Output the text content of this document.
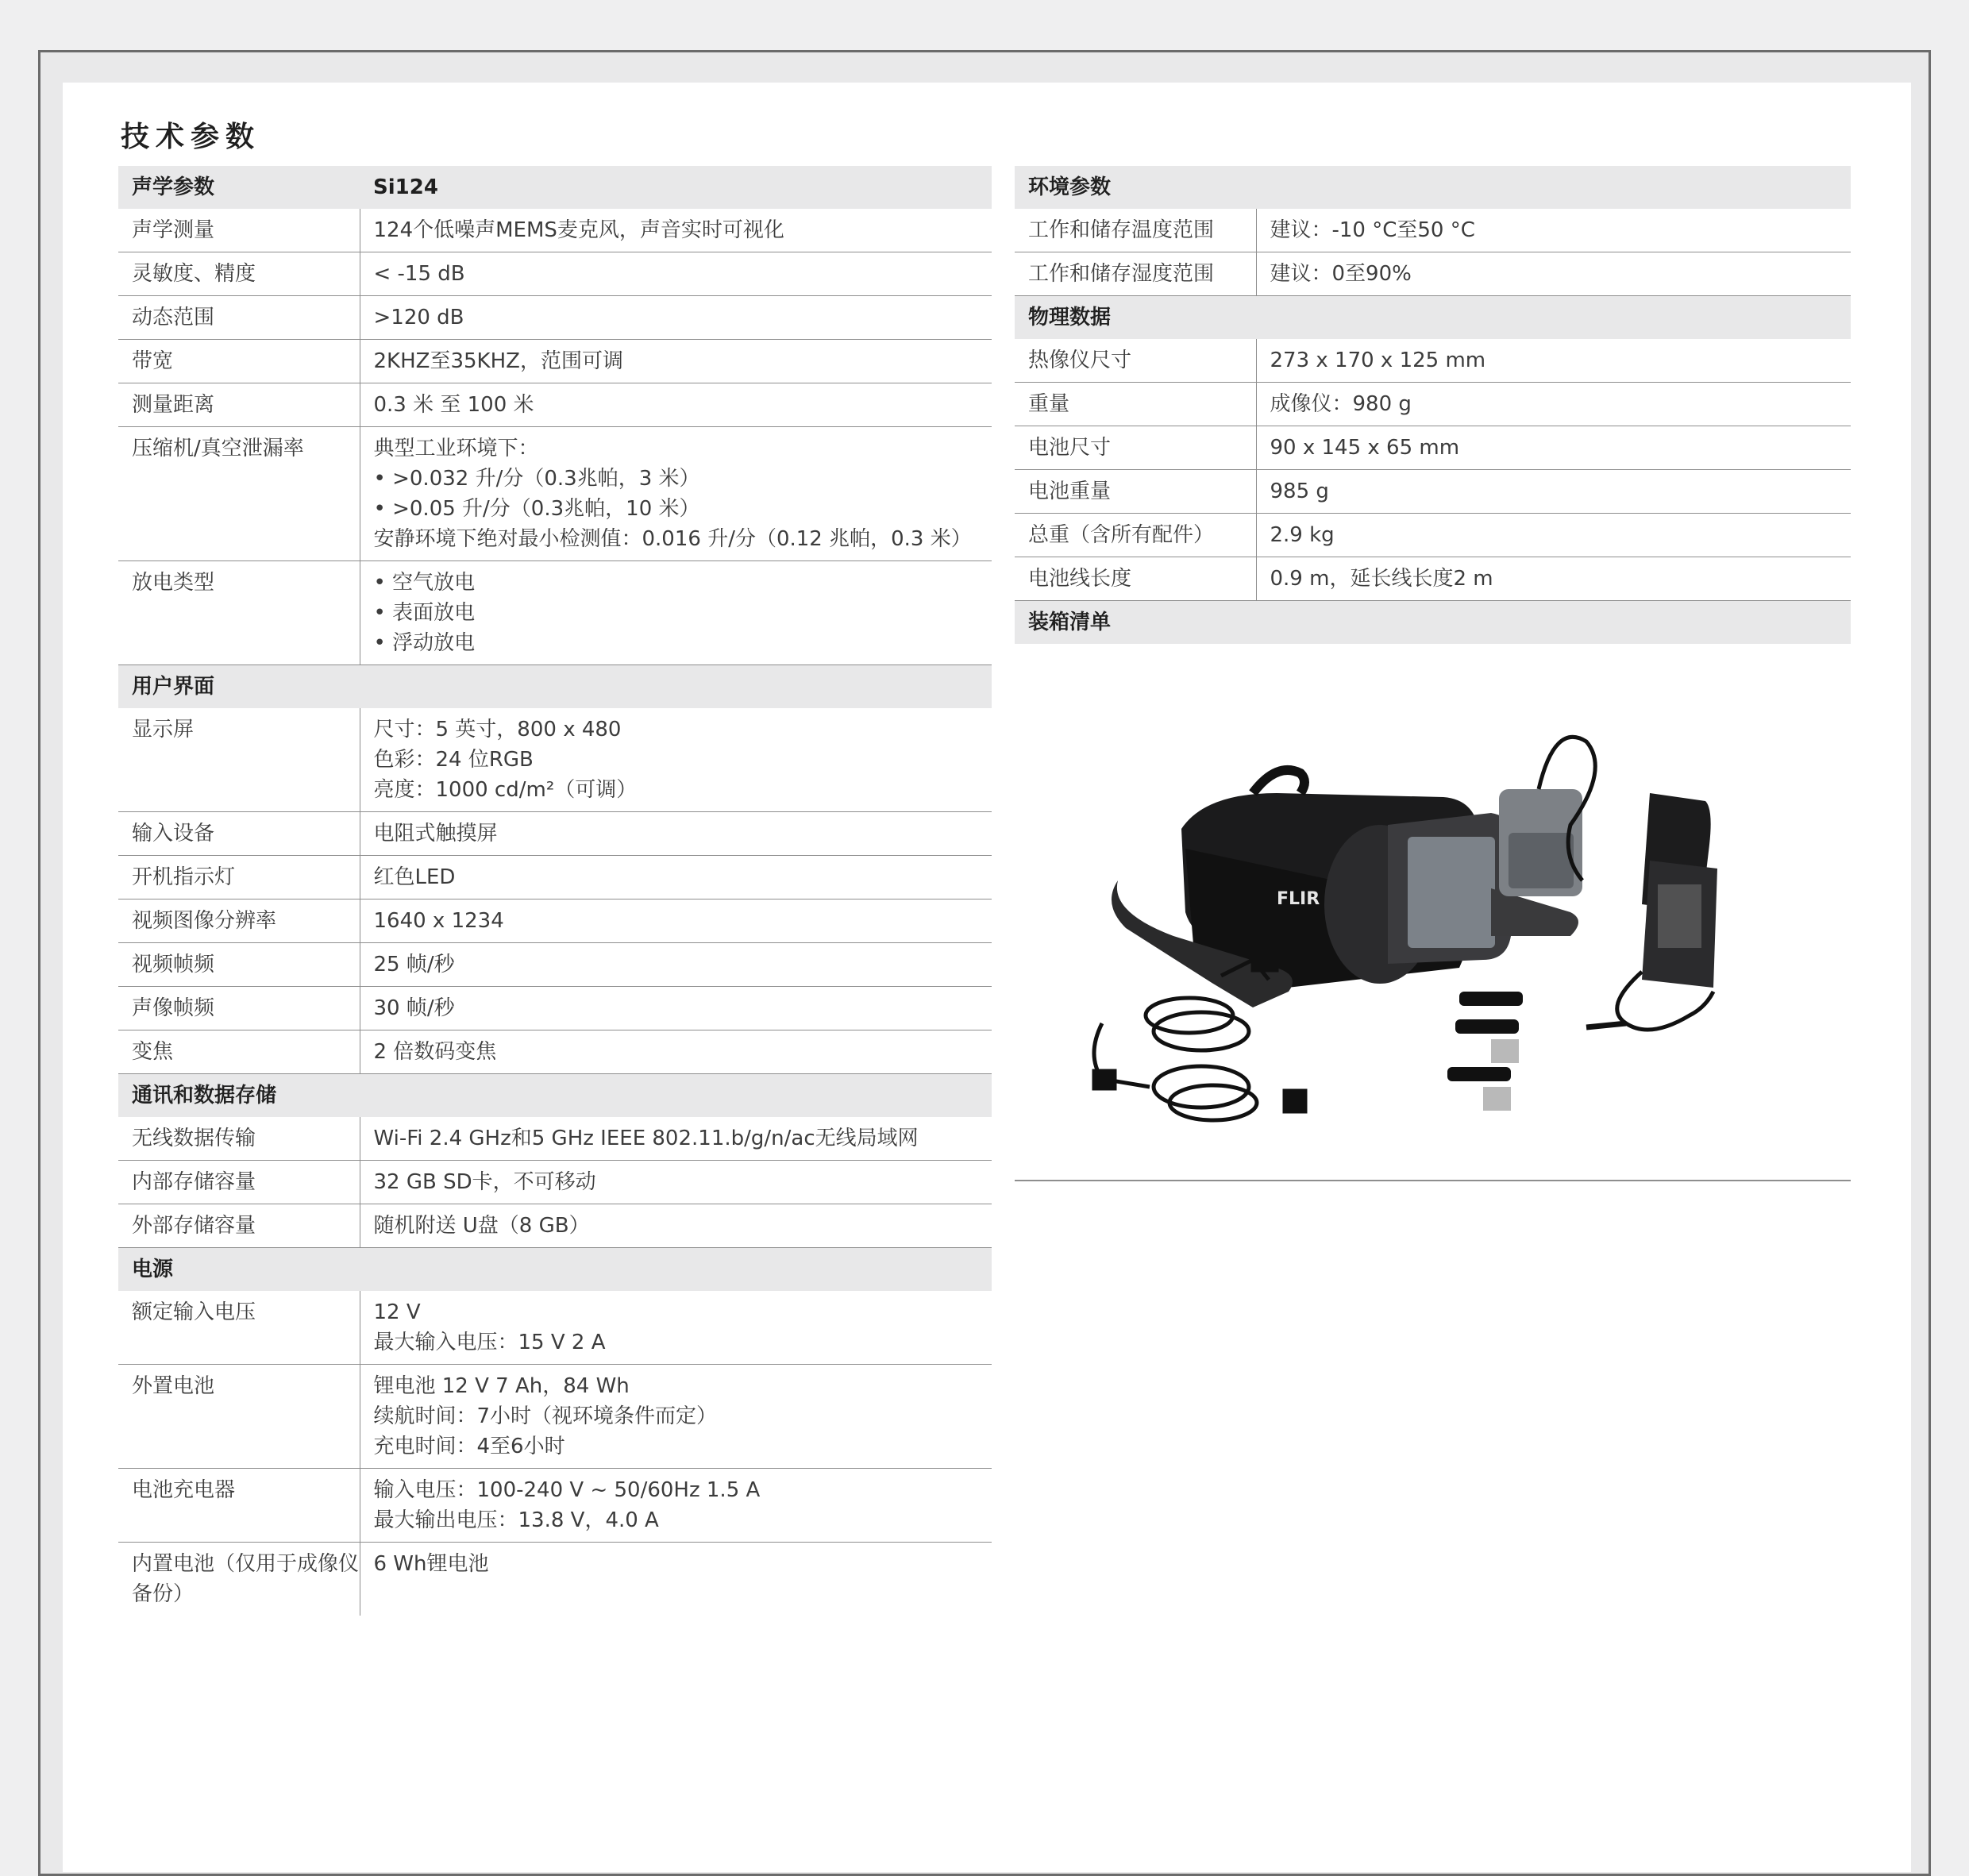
技术参数
声学参数	Si124
声学测量	124个低噪声MEMS麦克风，声音实时可视化

灵敏度、精度	< -15 dB

动态范围	>120 dB

带宽	2KHZ至35KHZ，范围可调

测量距离	0.3 米 至 100 米

压缩机/真空泄漏率	典型工业环境下：
• >0.032 升/分（0.3兆帕，3 米）
• >0.05 升/分（0.3兆帕，10 米）
安静环境下绝对最小检测值：0.016 升/分（0.12 兆帕，0.3 米）

放电类型	• 空气放电
• 表面放电
• 浮动放电

用户界面	
显示屏	尺寸：5 英寸，800 x 480
色彩：24 位RGB
亮度：1000 cd/m²（可调）

输入设备	电阻式触摸屏

开机指示灯	红色LED

视频图像分辨率	1640 x 1234

视频帧频	25 帧/秒

声像帧频	30 帧/秒

变焦	2 倍数码变焦

通讯和数据存储	
无线数据传输	Wi-Fi 2.4 GHz和5 GHz IEEE 802.11.b/g/n/ac无线局域网

内部存储容量	32 GB SD卡，不可移动

外部存储容量	随机附送 U盘（8 GB）

电源	
额定输入电压	12 V
最大输入电压：15 V 2 A

外置电池	锂电池 12 V 7 Ah，84 Wh
续航时间：7小时（视环境条件而定）
充电时间：4至6小时

电池充电器	输入电压：100-240 V ~ 50/60Hz 1.5 A
最大输出电压：13.8 V，4.0 A

内置电池（仅用于成像仪备份）	6 Wh锂电池
环境参数	
工作和储存温度范围	建议：-10 °C至50 °C

工作和储存湿度范围	建议：0至90%

物理数据	
热像仪尺寸	273 x 170 x 125 mm

重量	成像仪：980 g

电池尺寸	90 x 145 x 65 mm

电池重量	985 g

总重（含所有配件）	2.9 kg

电池线长度	0.9 m，延长线长度2 m

装箱清单	
FLIR
